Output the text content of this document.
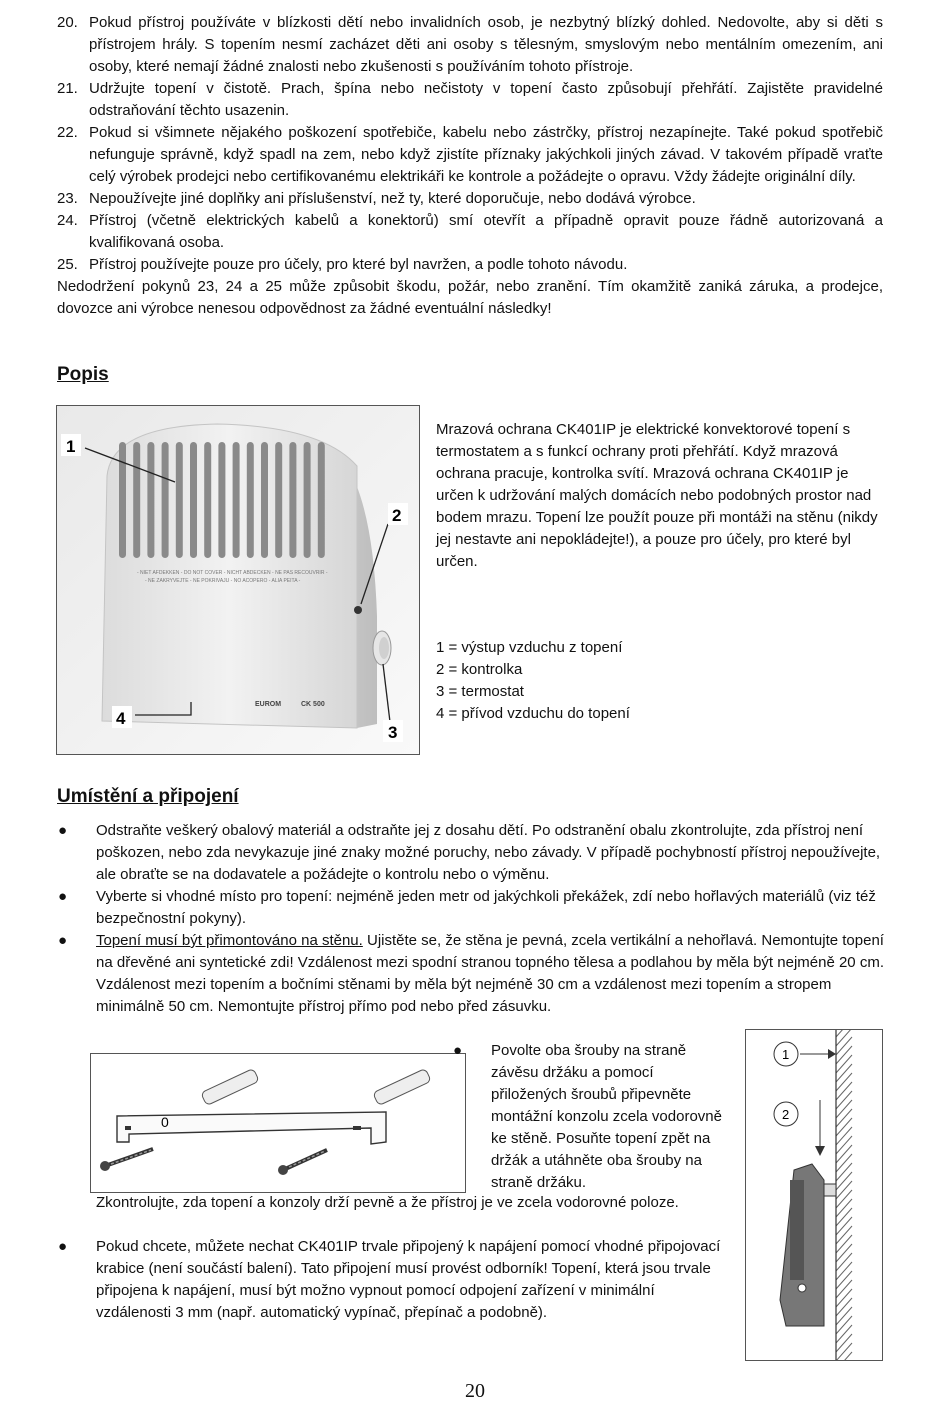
20. Pokud přístroj používáte v blízkosti dětí nebo invalidních osob, je nezbytný blízký dohled. Nedovolte, aby si děti s přístrojem hrály. S topením nesmí zacházet děti ani osoby s tělesným, smyslovým nebo mentálním omezením, ani osoby, které nemají žádné znalosti nebo zkušenosti s používáním tohoto přístroje.

21. Udržujte topení v čistotě. Prach, špína nebo nečistoty v topení často způsobují přehřátí. Zajistěte pravidelné odstraňování těchto usazenin.

22. Pokud si všimnete nějakého poškození spotřebiče, kabelu nebo zástrčky, přístroj nezapínejte. Také pokud spotřebič nefunguje správně, když spadl na zem, nebo když zjistíte příznaky jakýchkoli jiných závad. V takovém případě vraťte celý výrobek prodejci nebo certifikovanému elektrikáři ke kontrole a požádejte o opravu. Vždy žádejte originální díly.

23. Nepoužívejte jiné doplňky ani příslušenství, než ty, které doporučuje, nebo dodává výrobce.

24. Přístroj (včetně elektrických kabelů a konektorů) smí otevřít a případně opravit pouze řádně autorizovaná a kvalifikovaná osoba.

25. Přístroj používejte pouze pro účely, pro které byl navržen, a podle tohoto návodu.

Nedodržení pokynů 23, 24 a 25 může způsobit škodu, požár, nebo zranění. Tím okamžitě zaniká záruka, a prodejce, dovozce ani výrobce nenesou odpovědnost za žádné eventuální následky!

Popis
- NIET AFDEKKEN - DO NOT COVER - NICHT ABDECKEN - NE PAS RECOUVRIR -
- NE ZAKRYVEJTE - NE POKRIVAJU - NO ACOPERO - ALIA PEITA -
EUROM	CK 500
1
2
3
4

Mrazová ochrana CK401IP je elektrické konvektorové topení s termostatem a s funkcí ochrany proti přehřátí. Když mrazová ochrana pracuje, kontrolka svítí. Mrazová ochrana CK401IP je určen k udržování malých domácích nebo podobných prostor nad bodem mrazu. Topení lze použít pouze při montáži na stěnu (nikdy jej nestavte ani nepokládejte!), a pouze pro účely, pro které byl určen.

1 = výstup vzduchu z topení

2 = kontrolka

3 = termostat

4 = přívod vzduchu do topení

Umístění a připojení
● Odstraňte veškerý obalový materiál a odstraňte jej z dosahu dětí. Po odstranění obalu zkontrolujte, zda přístroj není poškozen, nebo zda nevykazuje jiné znaky možné poruchy, nebo závady. V případě pochybností přístroj nepoužívejte, ale obraťte se na dodavatele a požádejte o kontrolu nebo o výměnu.

● Vyberte si vhodné místo pro topení: nejméně jeden metr od jakýchkoli překážek, zdí nebo hořlavých materiálů (viz též bezpečnostní pokyny).

● Topení musí být přimontováno na stěnu. Ujistěte se, že stěna je pevná, zcela vertikální a nehořlavá. Nemontujte topení na dřevěné ani syntetické zdi! Vzdálenost mezi spodní stranou topného tělesa a podlahou by měla být nejméně 20 cm. Vzdálenost mezi topením a bočními stěnami by měla být nejméně 30 cm a vzdálenost mezi topením a stropem minimálně 50 cm. Nemontujte přístroj přímo pod nebo před zásuvku.

0
● Povolte oba šrouby na straně závěsu držáku a pomocí přiložených šroubů připevněte montážní konzolu zcela vodorovně ke stěně. Posuňte topení zpět na držák a utáhněte oba šrouby na straně držáku.

1
2

Zkontrolujte, zda topení a konzoly drží pevně a že přístroj je ve zcela vodorovné poloze.

● Pokud chcete, můžete nechat CK401IP trvale připojený k napájení pomocí vhodné připojovací krabice (není součástí balení). Tato připojení musí provést odborník! Topení, která jsou trvale připojena k napájení, musí být možno vypnout pomocí odpojení zařízení v minimální vzdálenosti 3 mm (např. automatický vypínač, přepínač a podobně).

20
